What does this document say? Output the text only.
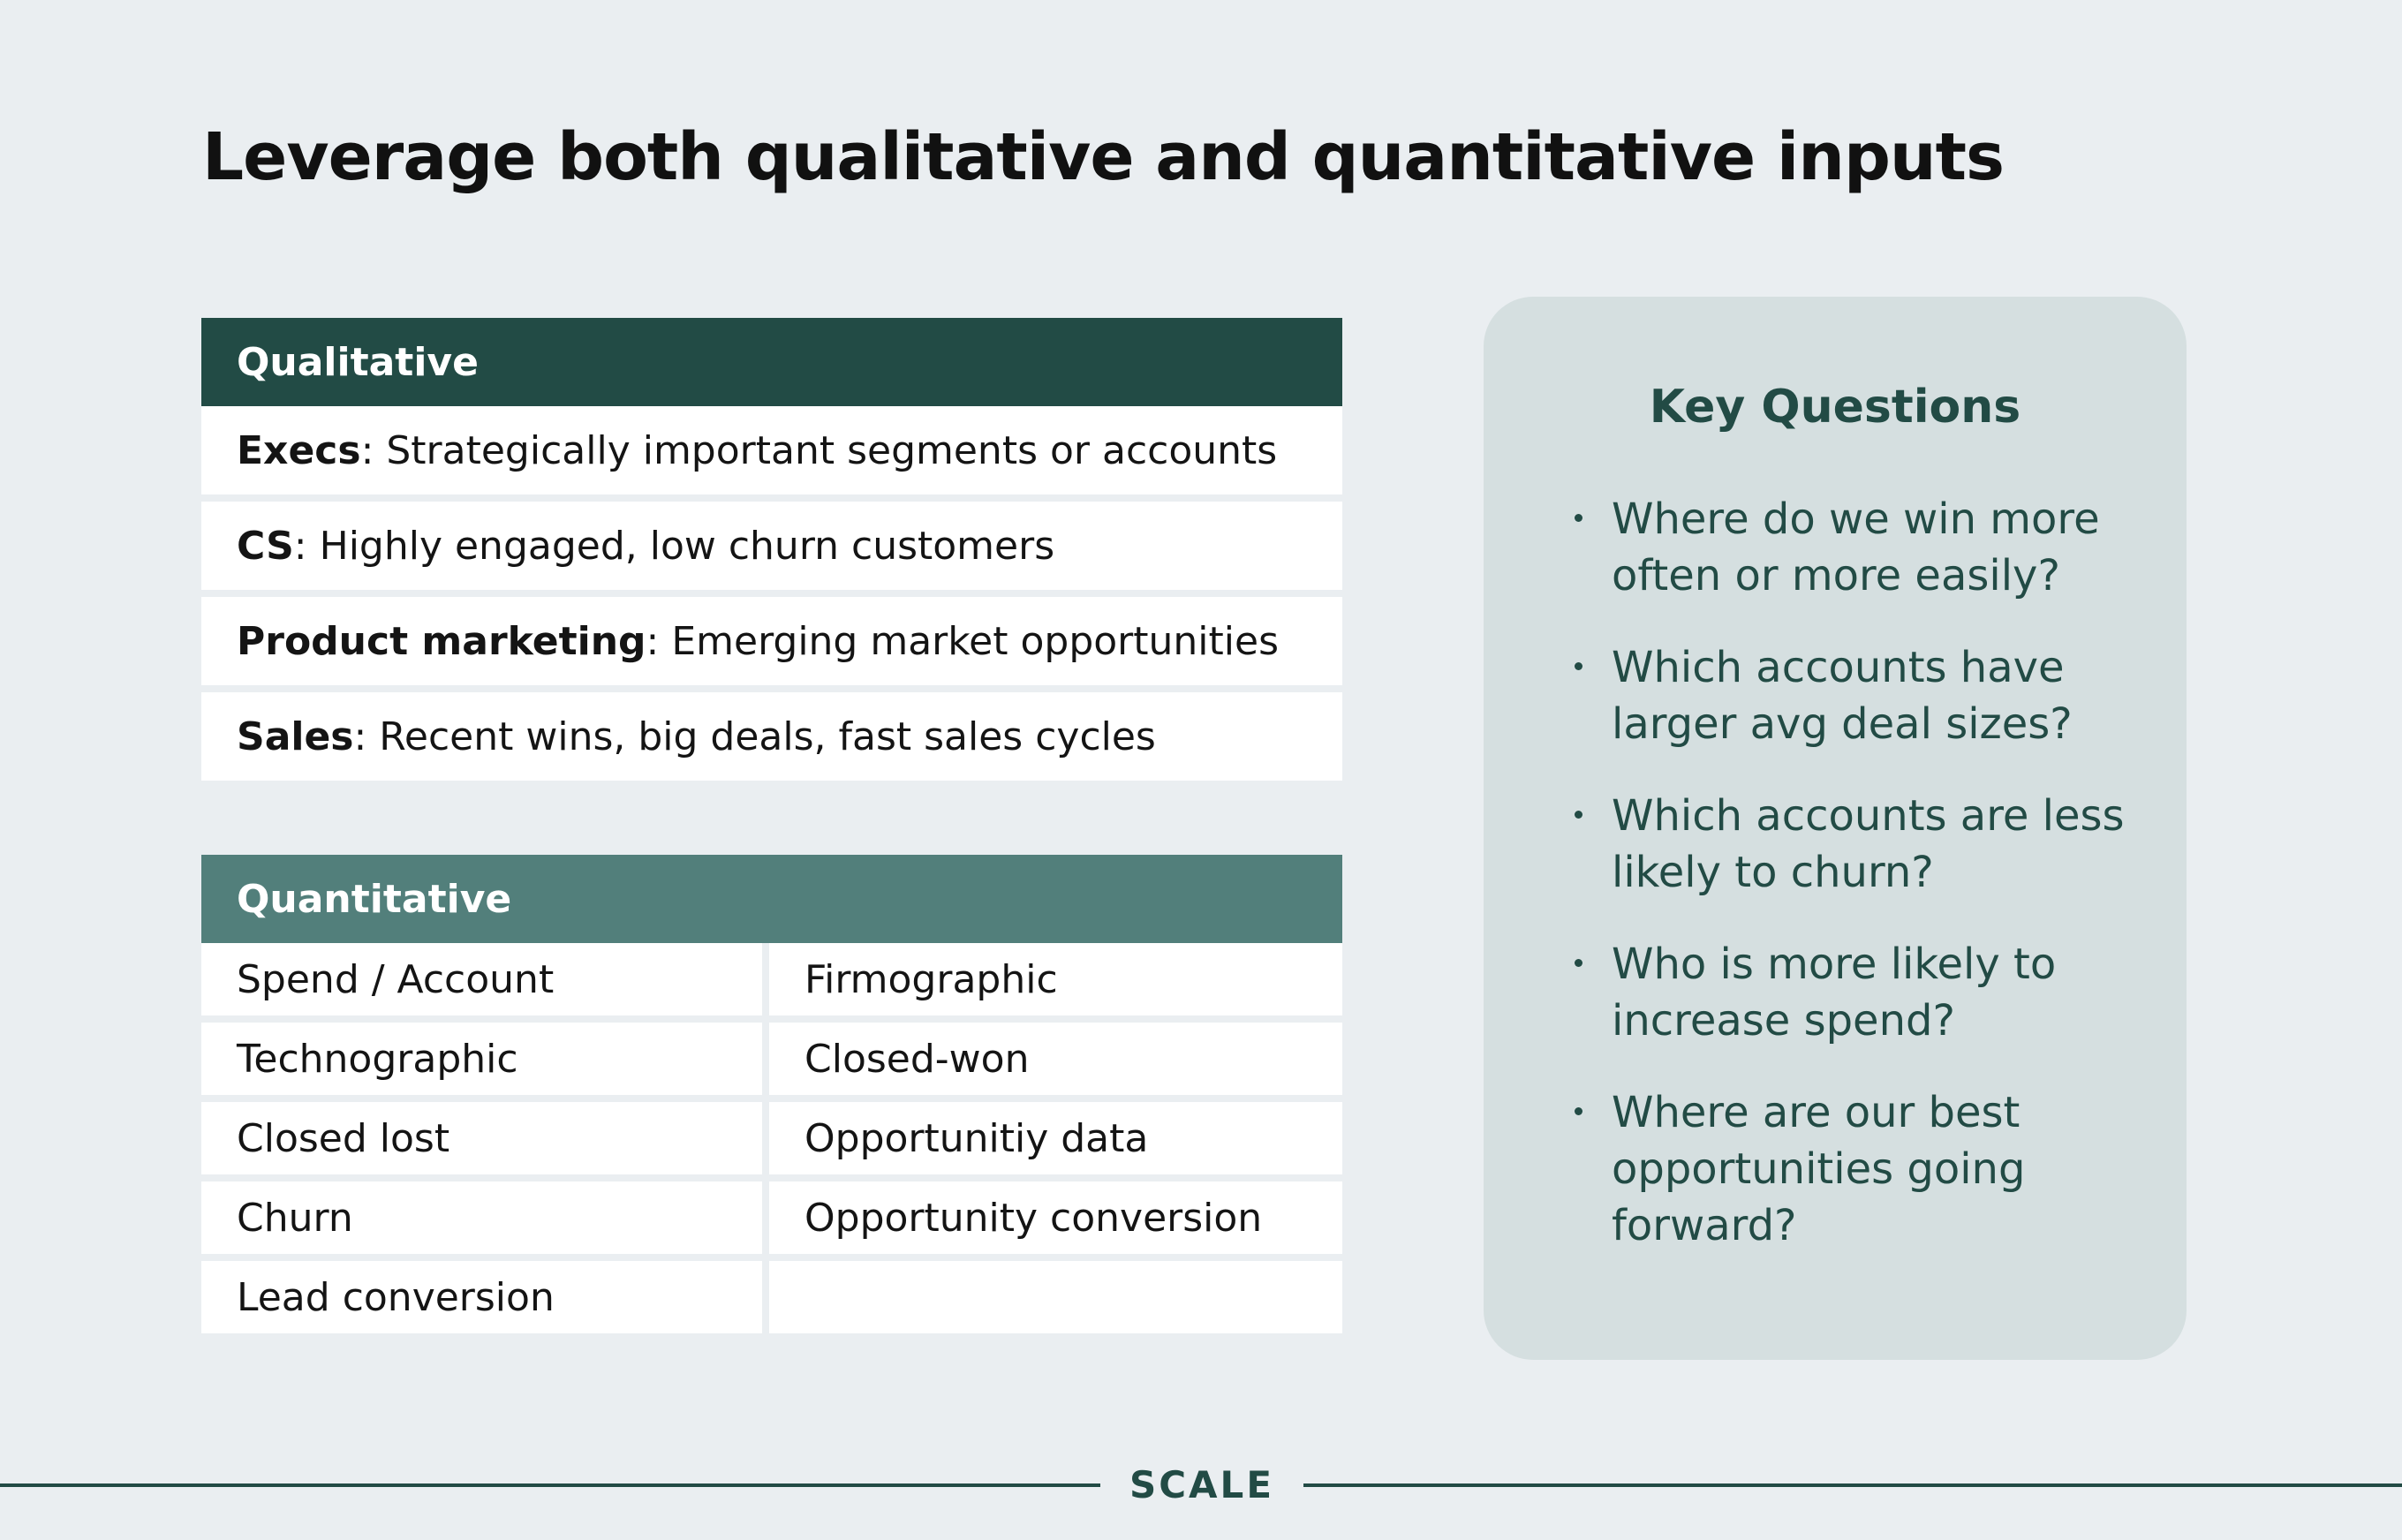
Leverage both qualitative and quantitative inputs
Qualitative
Execs : Strategically important segments or accounts
CS : Highly engaged, low churn customers
Product marketing : Emerging market opportunities
Sales : Recent wins, big deals, fast sales cycles
Quantitative
Spend / Account	Firmographic
Technographic	Closed-won
Closed lost	Opportunitiy data
Churn	Opportunity conversion
Lead conversion
Key Questions
Where do we win more often or more easily?
Which accounts have larger avg deal sizes?
Which accounts are less likely to churn?
Who is more likely to increase spend?
Where are our best opportunities going forward?
SCALE
